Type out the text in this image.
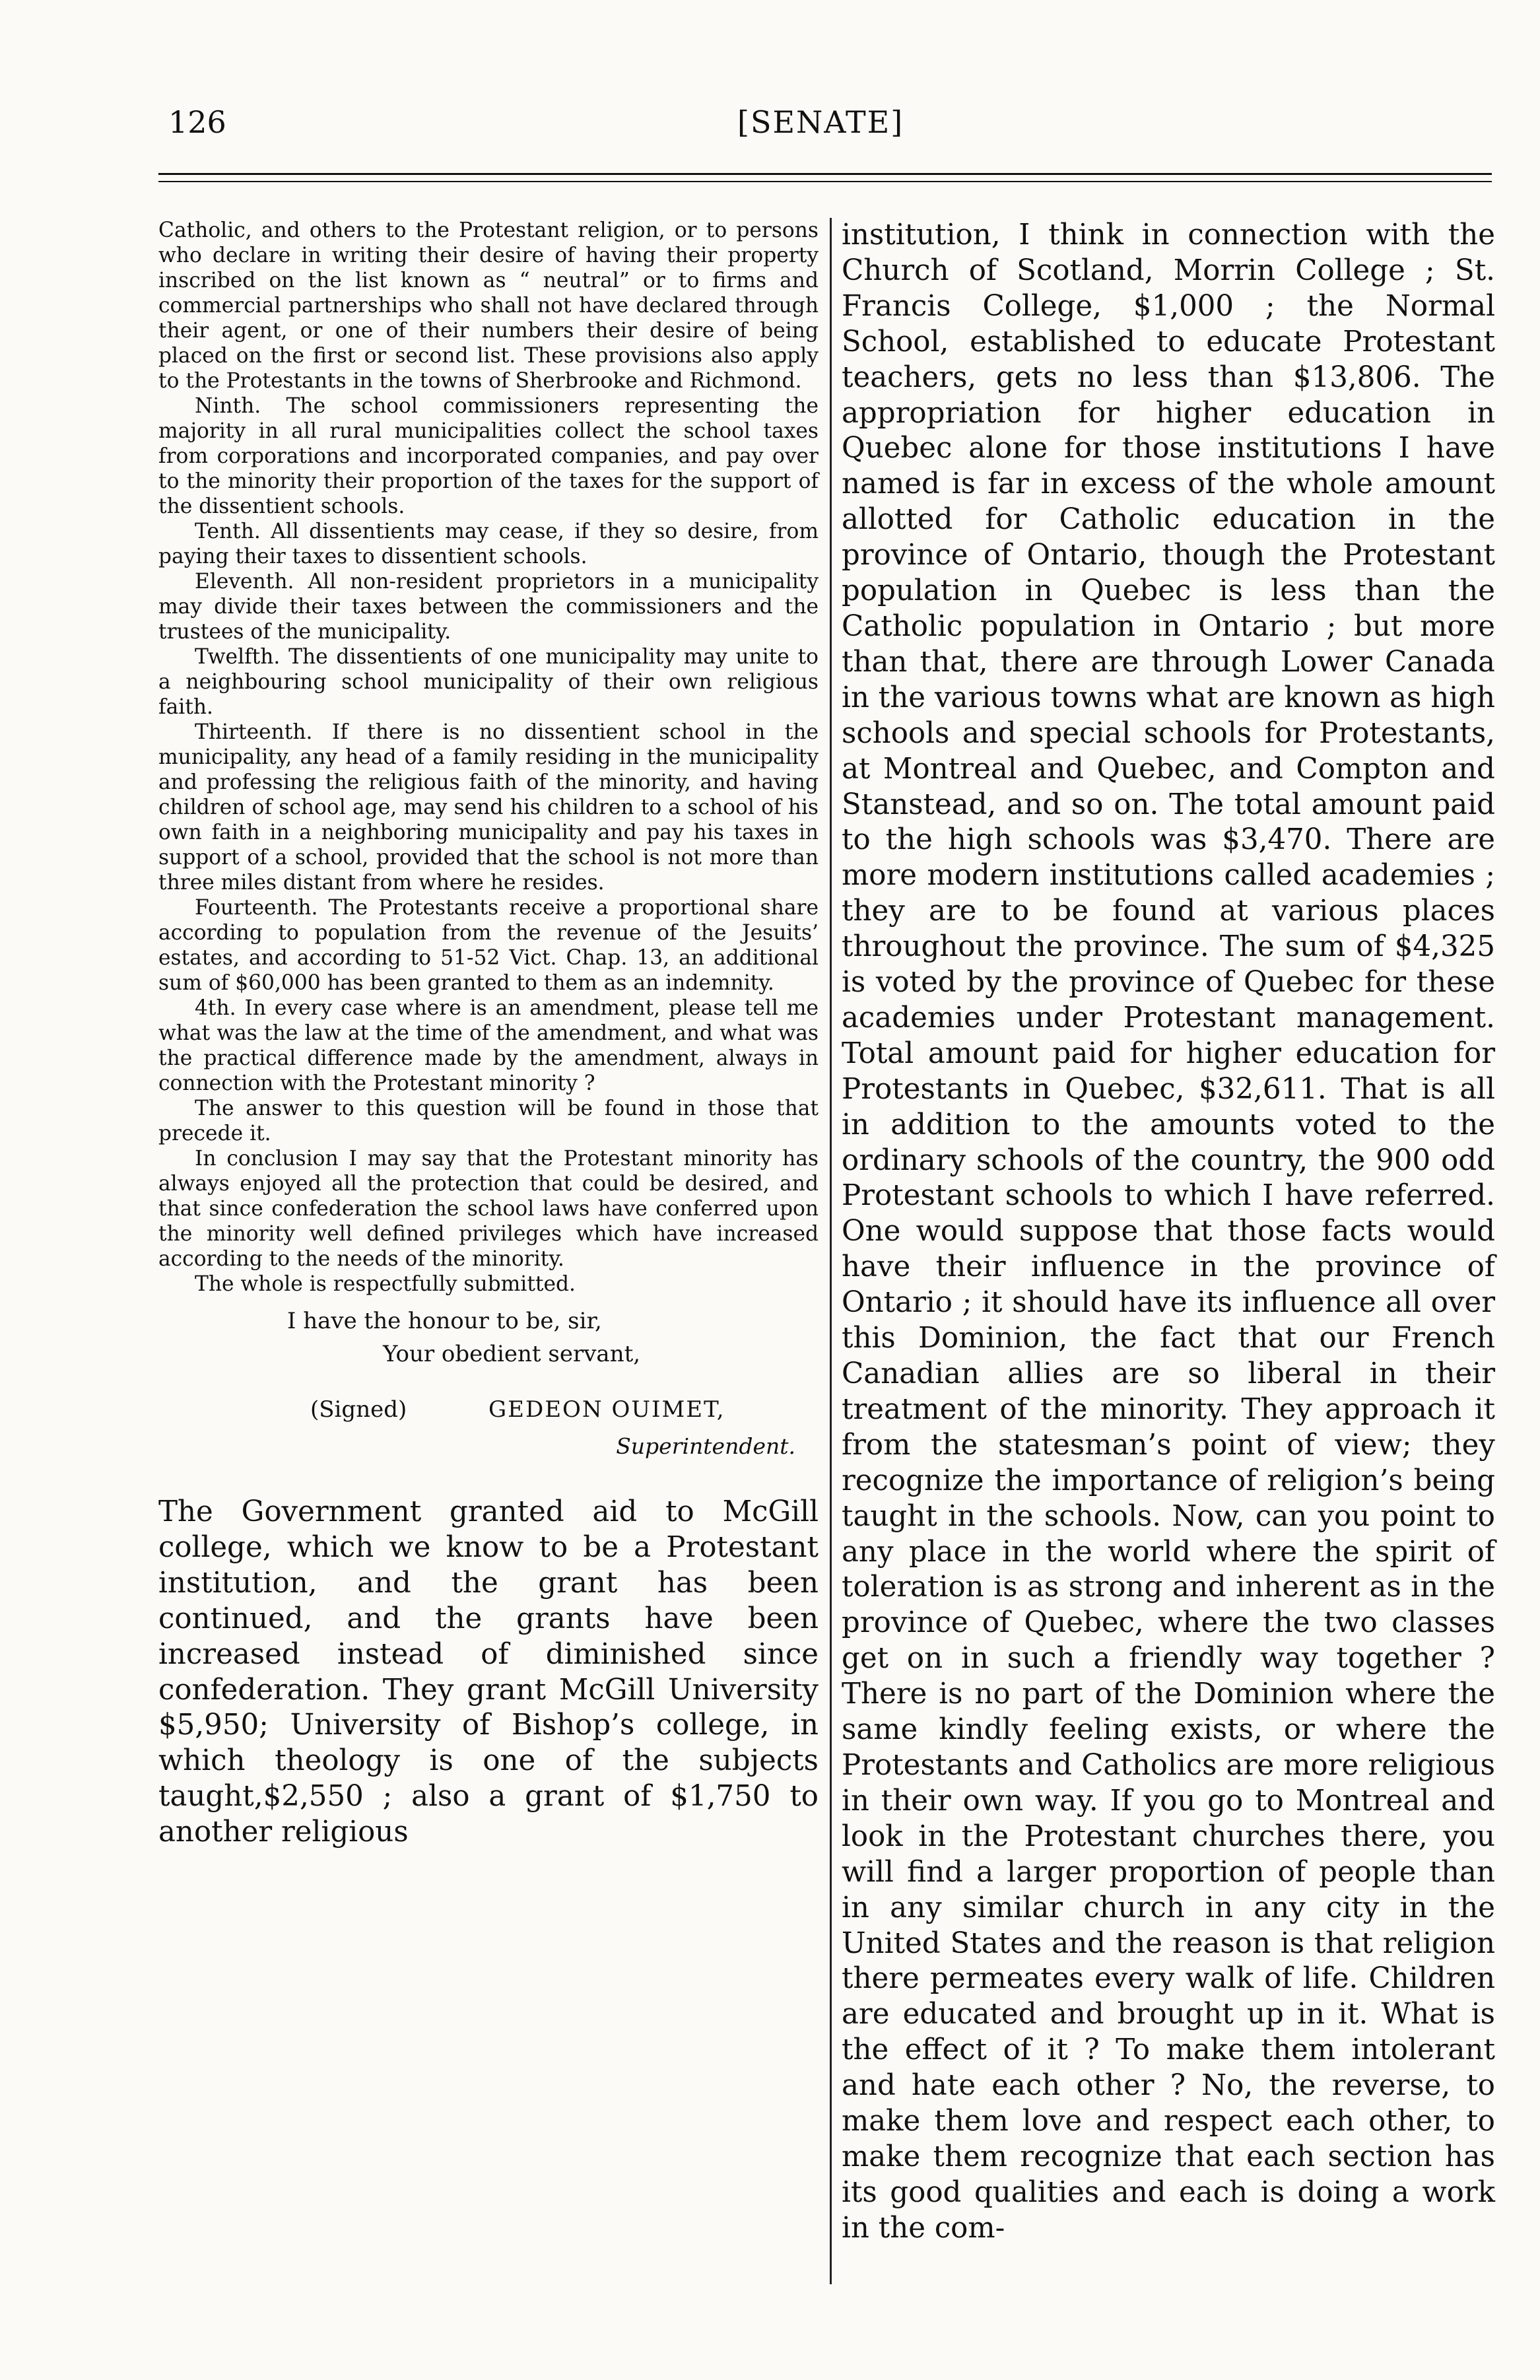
126	[SENATE]

Catholic, and others to the Protestant religion, or to persons who declare in writing their desire of having their property inscribed on the list known as “ neutral” or to firms and commercial partnerships who shall not have declared through their agent, or one of their numbers their desire of being placed on the first or second list. These provisions also apply to the Protestants in the towns of Sherbrooke and Richmond.

Ninth. The school commissioners representing the majority in all rural municipalities collect the school taxes from corporations and incorporated companies, and pay over to the minority their proportion of the taxes for the support of the dissentient schools.

Tenth. All dissentients may cease, if they so desire, from paying their taxes to dissentient schools.

Eleventh. All non-resident proprietors in a municipality may divide their taxes between the commissioners and the trustees of the municipality.

Twelfth. The dissentients of one municipality may unite to a neighbouring school municipality of their own religious faith.

Thirteenth. If there is no dissentient school in the municipality, any head of a family residing in the municipality and professing the religious faith of the minority, and having children of school age, may send his children to a school of his own faith in a neighboring municipality and pay his taxes in support of a school, provided that the school is not more than three miles distant from where he resides.

Fourteenth. The Protestants receive a proportional share according to population from the revenue of the Jesuits’ estates, and according to 51-52 Vict. Chap. 13, an additional sum of $60,000 has been granted to them as an indemnity.

4th. In every case where is an amendment, please tell me what was the law at the time of the amendment, and what was the practical difference made by the amendment, always in connection with the Protestant minority ?

The answer to this question will be found in those that precede it.

In conclusion I may say that the Protestant minority has always enjoyed all the protection that could be desired, and that since confederation the school laws have conferred upon the minority well defined privileges which have increased according to the needs of the minority.

The whole is respectfully submitted.

I have the honour to be, sir,
Your obedient servant,
(Signed)	GEDEON OUIMET,
Superintendent.

The Government granted aid to McGill college, which we know to be a Protestant institution, and the grant has been continued, and the grants have been increased instead of diminished since confederation. They grant McGill University $5,950; University of Bishop’s college, in which theology is one of the subjects taught,$2,550 ; also a grant of $1,750 to another religious

institution, I think in connection with the Church of Scotland, Morrin College ; St. Francis College, $1,000 ; the Normal School, established to educate Protestant teachers, gets no less than $13,806. The appropriation for higher education in Quebec alone for those institutions I have named is far in excess of the whole amount allotted for Catholic education in the province of Ontario, though the Protestant population in Quebec is less than the Catholic population in Ontario ; but more than that, there are through Lower Canada in the various towns what are known as high schools and special schools for Protestants, at Montreal and Quebec, and Compton and Stanstead, and so on. The total amount paid to the high schools was $3,470. There are more modern institutions called academies ; they are to be found at various places throughout the province. The sum of $4,325 is voted by the province of Quebec for these academies under Protestant management. Total amount paid for higher education for Protestants in Quebec, $32,611. That is all in addition to the amounts voted to the ordinary schools of the country, the 900 odd Protestant schools to which I have referred. One would suppose that those facts would have their influence in the province of Ontario ; it should have its influence all over this Dominion, the fact that our French Canadian allies are so liberal in their treatment of the minority. They approach it from the statesman’s point of view; they recognize the importance of religion’s being taught in the schools. Now, can you point to any place in the world where the spirit of toleration is as strong and inherent as in the province of Quebec, where the two classes get on in such a friendly way together ? There is no part of the Dominion where the same kindly feeling exists, or where the Protestants and Catholics are more religious in their own way. If you go to Montreal and look in the Protestant churches there, you will find a larger proportion of people than in any similar church in any city in the United States and the reason is that religion there permeates every walk of life. Children are educated and brought up in it. What is the effect of it ? To make them intolerant and hate each other ? No, the reverse, to make them love and respect each other, to make them recognize that each section has its good qualities and each is doing a work in the com-
